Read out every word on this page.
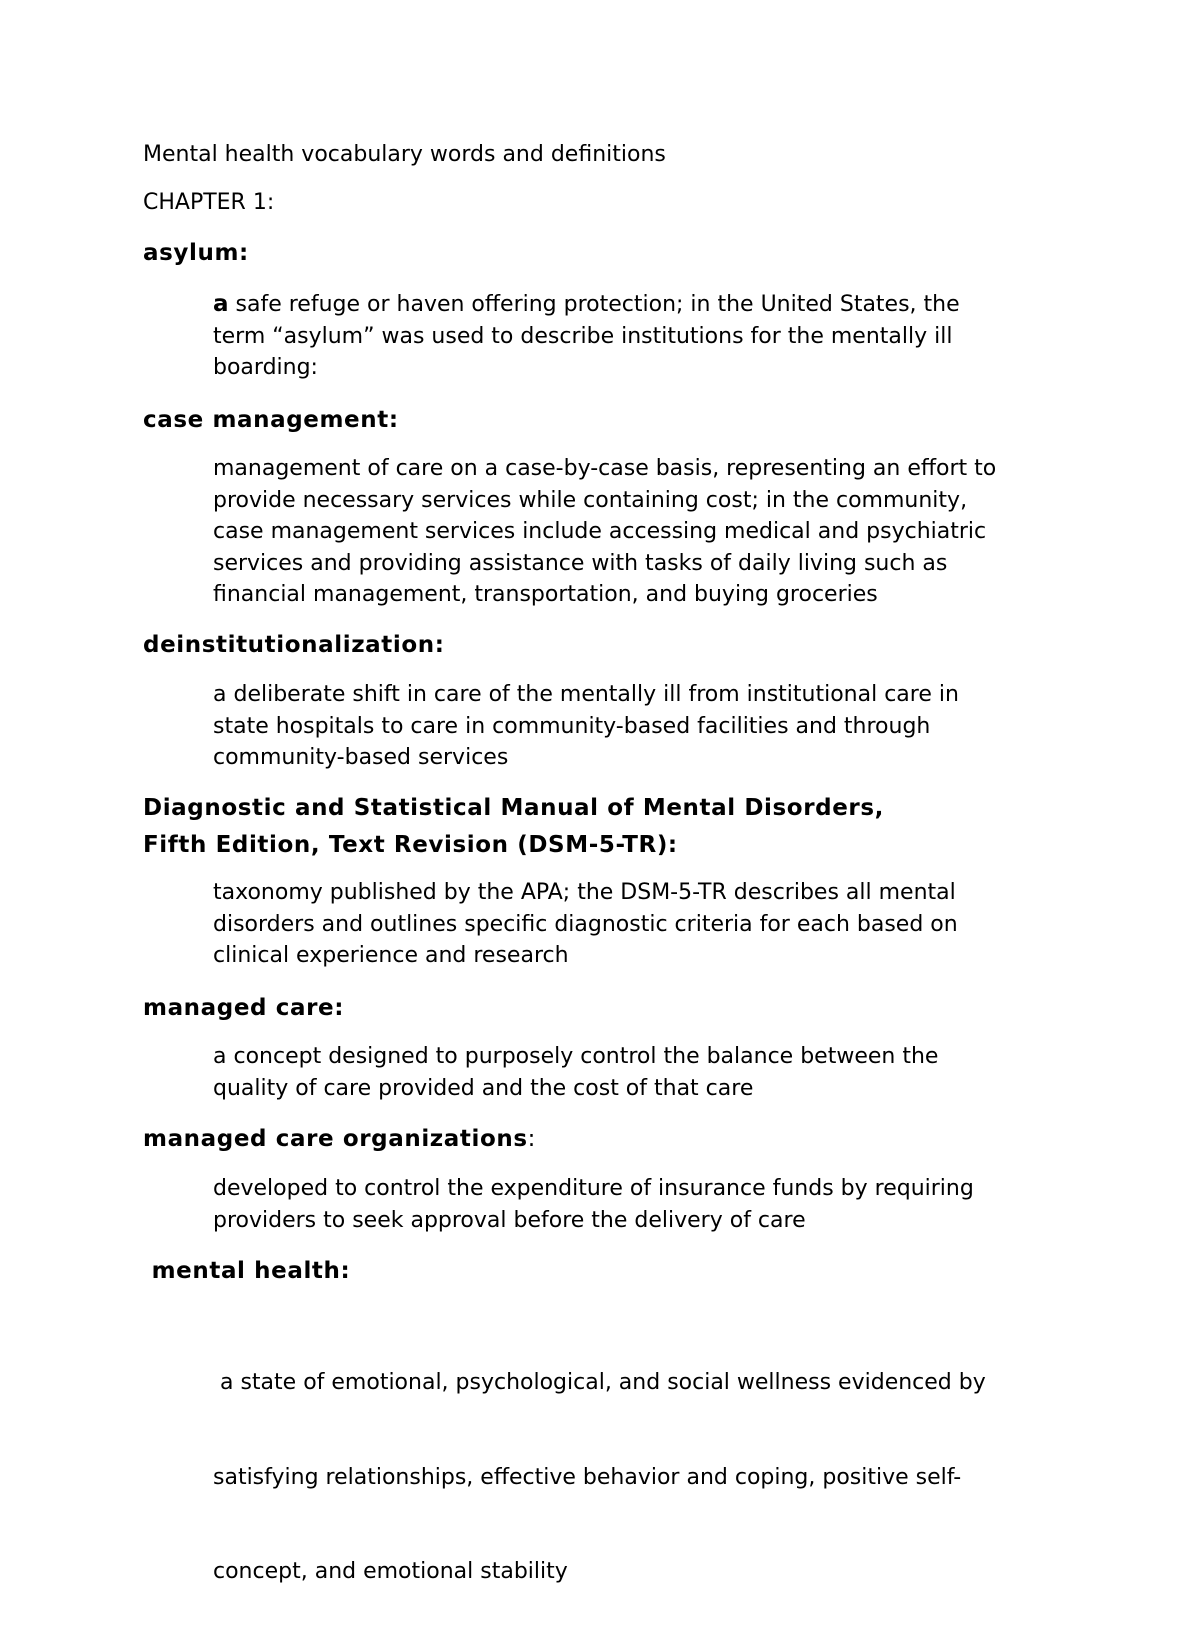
Mental health vocabulary words and definitions

CHAPTER 1:

asylum:

a safe refuge or haven offering protection; in the United States, the
term “asylum” was used to describe institutions for the mentally ill
boarding:

case management:

management of care on a case-by-case basis, representing an effort to
provide necessary services while containing cost; in the community,
case management services include accessing medical and psychiatric
services and providing assistance with tasks of daily living such as
financial management, transportation, and buying groceries

deinstitutionalization:

a deliberate shift in care of the mentally ill from institutional care in
state hospitals to care in community-based facilities and through
community-based services

Diagnostic and Statistical Manual of Mental Disorders,

Fifth Edition, Text Revision (DSM-5-TR):

taxonomy published by the APA; the DSM-5-TR describes all mental
disorders and outlines specific diagnostic criteria for each based on
clinical experience and research

managed care:

a concept designed to purposely control the balance between the
quality of care provided and the cost of that care

managed care organizations:

developed to control the expenditure of insurance funds by requiring
providers to seek approval before the delivery of care

mental health:

a state of emotional, psychological, and social wellness evidenced by

satisfying relationships, effective behavior and coping, positive self-

concept, and emotional stability
